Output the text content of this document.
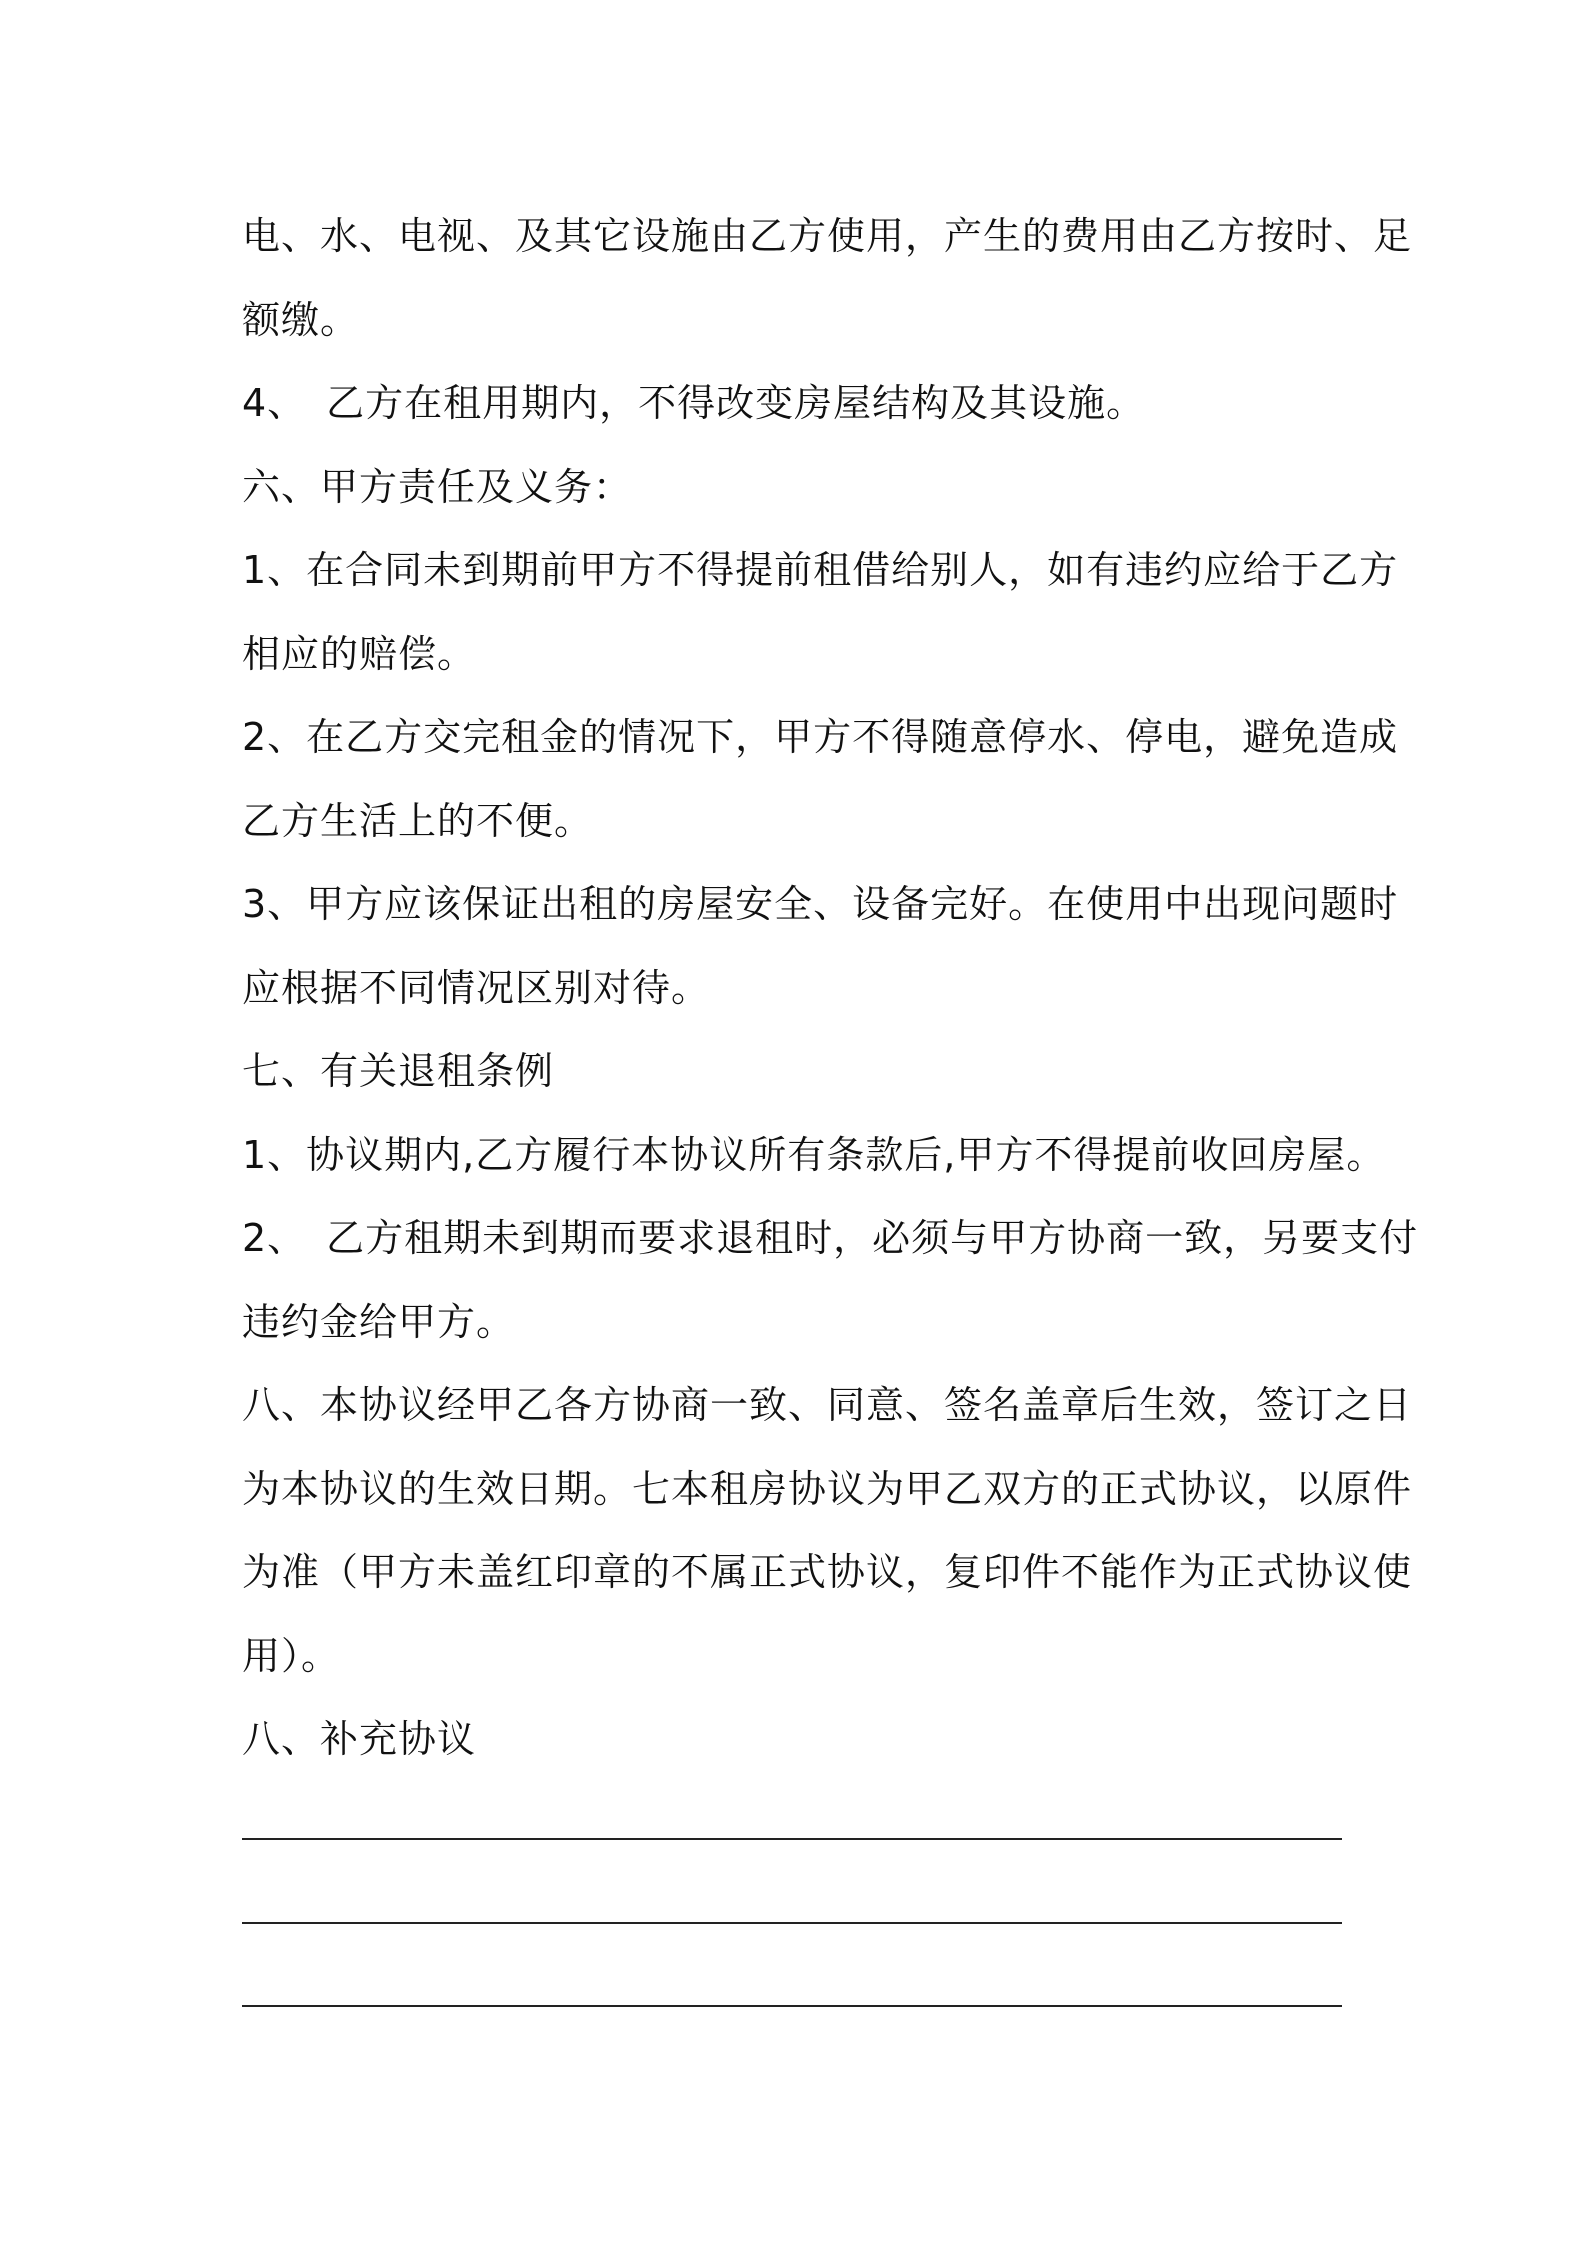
电、水、电视、及其它设施由乙方使用，产生的费用由乙方按时、足
额缴。
4、　乙方在租用期内，不得改变房屋结构及其设施。
六、甲方责任及义务：
1、在合同未到期前甲方不得提前租借给别人，如有违约应给于乙方
相应的赔偿。
2、在乙方交完租金的情况下，甲方不得随意停水、停电，避免造成
乙方生活上的不便。
3、甲方应该保证出租的房屋安全、设备完好。在使用中出现问题时
应根据不同情况区别对待。
七、有关退租条例
1、协议期内,乙方履行本协议所有条款后,甲方不得提前收回房屋。
2、　乙方租期未到期而要求退租时，必须与甲方协商一致，另要支付
违约金给甲方。
八、本协议经甲乙各方协商一致、同意、签名盖章后生效，签订之日
为本协议的生效日期。七本租房协议为甲乙双方的正式协议，以原件
为准（甲方未盖红印章的不属正式协议，复印件不能作为正式协议使
用）。
八、补充协议
